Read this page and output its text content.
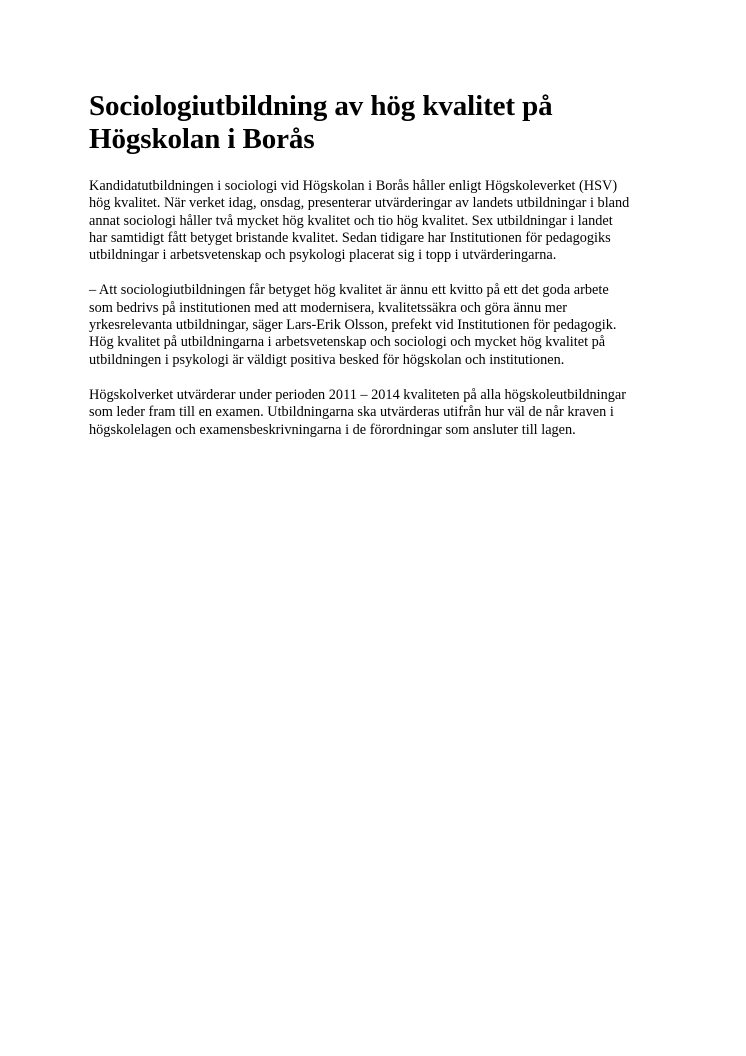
Sociologiutbildning av hög kvalitet på
Högskolan i Borås

Kandidatutbildningen i sociologi vid Högskolan i Borås håller enligt Högskoleverket (HSV)
hög kvalitet. När verket idag, onsdag, presenterar utvärderingar av landets utbildningar i bland
annat sociologi håller två mycket hög kvalitet och tio hög kvalitet. Sex utbildningar i landet
har samtidigt fått betyget bristande kvalitet. Sedan tidigare har Institutionen för pedagogiks
utbildningar i arbetsvetenskap och psykologi placerat sig i topp i utvärderingarna.

– Att sociologiutbildningen får betyget hög kvalitet är ännu ett kvitto på ett det goda arbete
som bedrivs på institutionen med att modernisera, kvalitetssäkra och göra ännu mer
yrkesrelevanta utbildningar, säger Lars-Erik Olsson, prefekt vid Institutionen för pedagogik.
Hög kvalitet på utbildningarna i arbetsvetenskap och sociologi och mycket hög kvalitet på
utbildningen i psykologi är väldigt positiva besked för högskolan och institutionen.

Högskolverket utvärderar under perioden 2011 – 2014 kvaliteten på alla högskoleutbildningar
som leder fram till en examen. Utbildningarna ska utvärderas utifrån hur väl de når kraven i
högskolelagen och examensbeskrivningarna i de förordningar som ansluter till lagen.
